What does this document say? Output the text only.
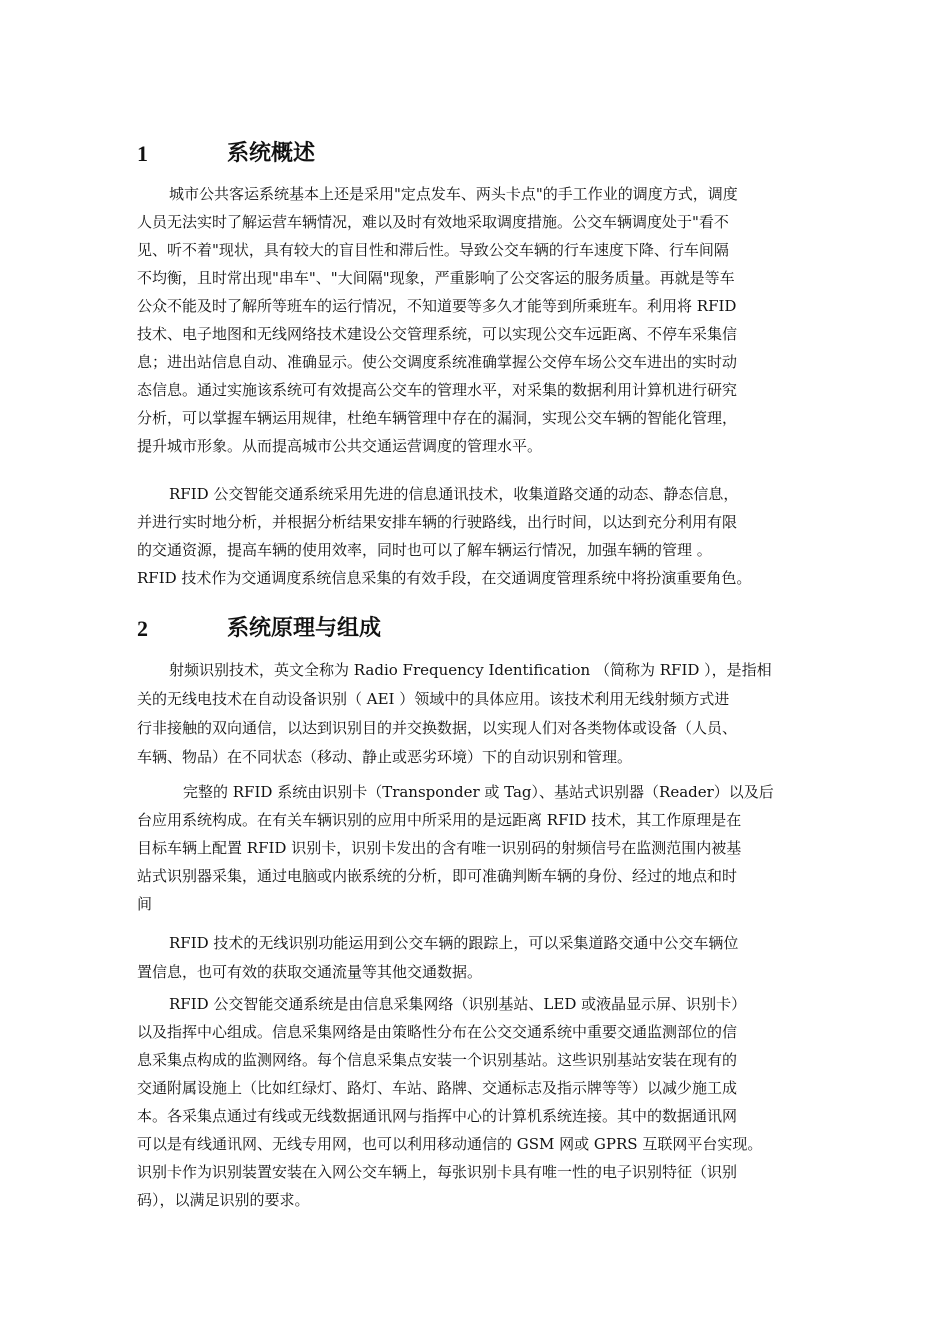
1	系统概述
城市公共客运系统基本上还是采用"定点发车、两头卡点"的手工作业的调度方式，调度
人员无法实时了解运营车辆情况，难以及时有效地采取调度措施。公交车辆调度处于"看不
见、听不着"现状，具有较大的盲目性和滞后性。导致公交车辆的行车速度下降、行车间隔
不均衡，且时常出现"串车"、"大间隔"现象，严重影响了公交客运的服务质量。再就是等车
公众不能及时了解所等班车的运行情况，不知道要等多久才能等到所乘班车。利用将 RFID
技术、电子地图和无线网络技术建设公交管理系统，可以实现公交车远距离、不停车采集信
息；进出站信息自动、准确显示。使公交调度系统准确掌握公交停车场公交车进出的实时动
态信息。通过实施该系统可有效提高公交车的管理水平，对采集的数据利用计算机进行研究
分析，可以掌握车辆运用规律，杜绝车辆管理中存在的漏洞，实现公交车辆的智能化管理，
提升城市形象。从而提高城市公共交通运营调度的管理水平。
RFID 公交智能交通系统采用先进的信息通讯技术，收集道路交通的动态、静态信息，
并进行实时地分析，并根据分析结果安排车辆的行驶路线，出行时间，以达到充分利用有限
的交通资源，提高车辆的使用效率，同时也可以了解车辆运行情况，加强车辆的管理 。
RFID 技术作为交通调度系统信息采集的有效手段，在交通调度管理系统中将扮演重要角色。
2	系统原理与组成
射频识别技术，英文全称为 Radio Frequency Identification （简称为 RFID ），是指相
关的无线电技术在自动设备识别（ AEI ）领域中的具体应用。该技术利用无线射频方式进
行非接触的双向通信，以达到识别目的并交换数据，以实现人们对各类物体或设备（人员、
车辆、物品）在不同状态（移动、静止或恶劣环境）下的自动识别和管理。
完整的 RFID 系统由识别卡（Transponder 或 Tag）、基站式识别器（Reader）以及后
台应用系统构成。在有关车辆识别的应用中所采用的是远距离 RFID 技术，其工作原理是在
目标车辆上配置 RFID 识别卡，识别卡发出的含有唯一识别码的射频信号在监测范围内被基
站式识别器采集，通过电脑或内嵌系统的分析，即可准确判断车辆的身份、经过的地点和时
间
RFID 技术的无线识别功能运用到公交车辆的跟踪上，可以采集道路交通中公交车辆位
置信息，也可有效的获取交通流量等其他交通数据。
RFID 公交智能交通系统是由信息采集网络（识别基站、LED 或液晶显示屏、识别卡）
以及指挥中心组成。信息采集网络是由策略性分布在公交交通系统中重要交通监测部位的信
息采集点构成的监测网络。每个信息采集点安装一个识别基站。这些识别基站安装在现有的
交通附属设施上（比如红绿灯、路灯、车站、路牌、交通标志及指示牌等等）以减少施工成
本。各采集点通过有线或无线数据通讯网与指挥中心的计算机系统连接。其中的数据通讯网
可以是有线通讯网、无线专用网，也可以利用移动通信的 GSM 网或 GPRS 互联网平台实现。
识别卡作为识别装置安装在入网公交车辆上，每张识别卡具有唯一性的电子识别特征（识别
码），以满足识别的要求。
